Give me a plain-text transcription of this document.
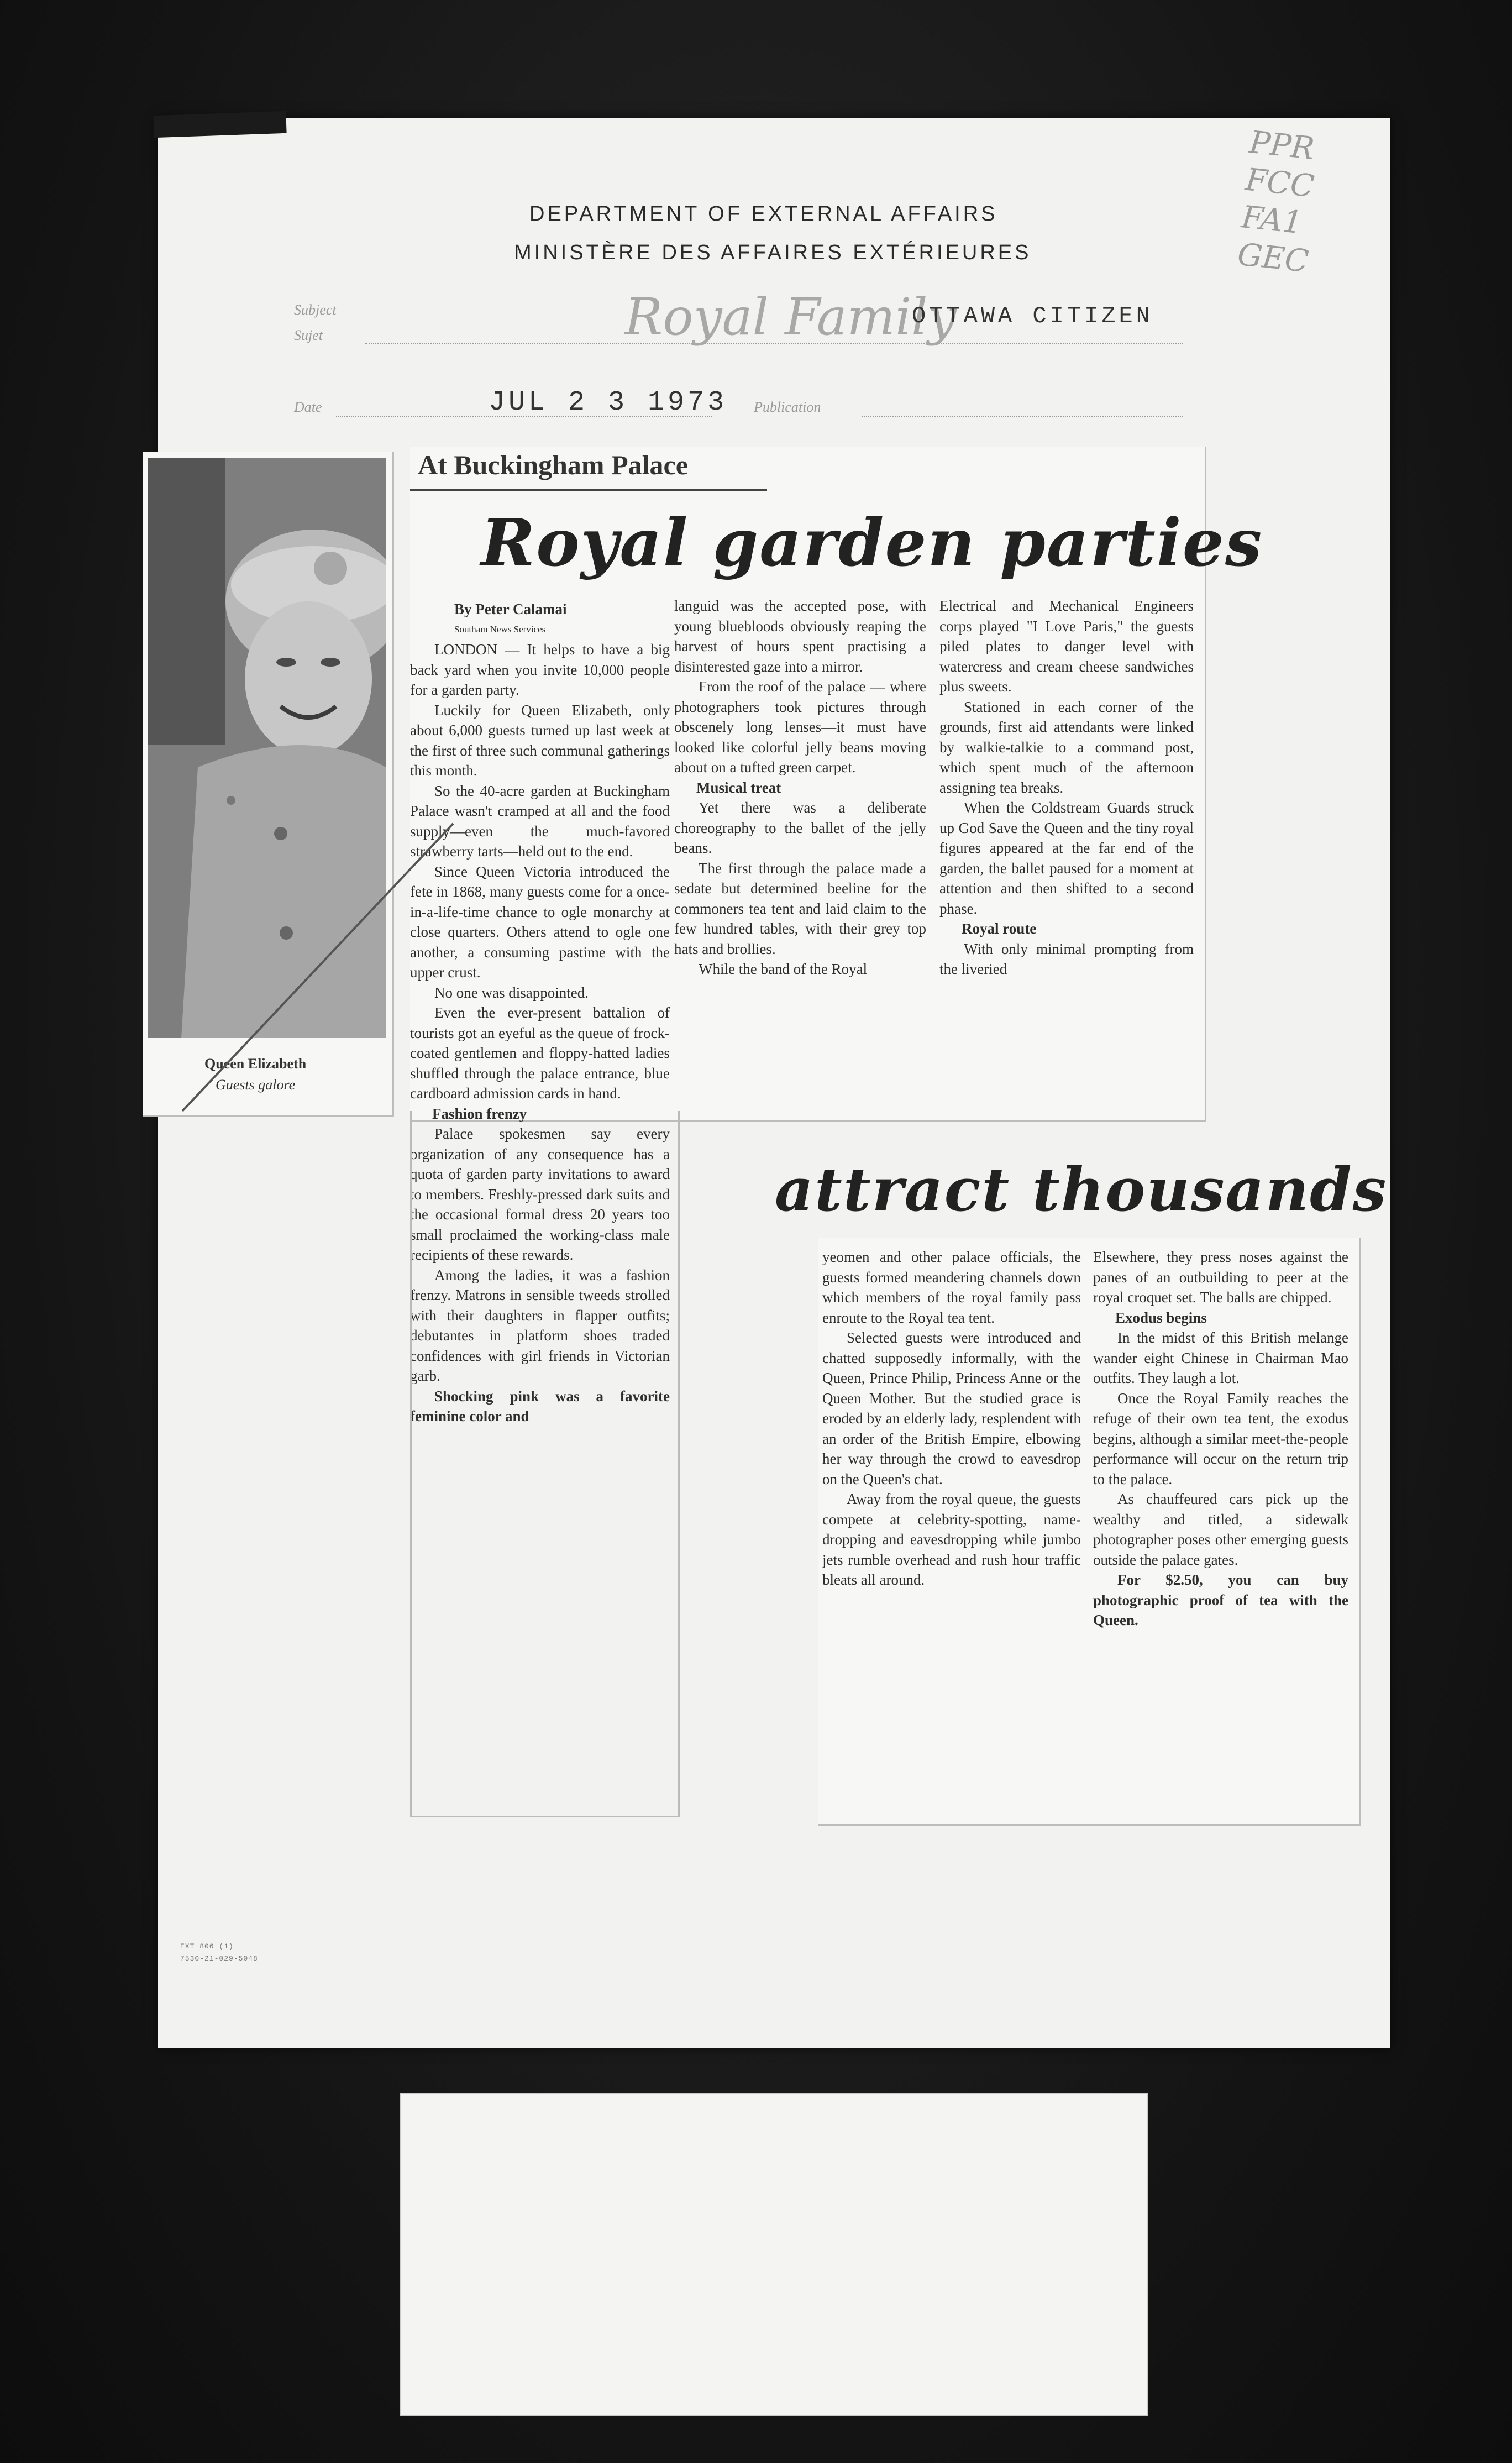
DEPARTMENT OF EXTERNAL AFFAIRS
MINISTÈRE DES AFFAIRES EXTÉRIEURES
Subject
Sujet	Royal Family
OTTAWA CITIZEN
Date	JUL 2 3 1973 Publication
PPR
FCC
FA1
GEC
Queen Elizabeth
Guests galore
At Buckingham Palace
Royal garden parties

By Peter Calamai

Southam News Services

LONDON — It helps to have a big back yard when you invite 10,000 people for a garden party.

Luckily for Queen Elizabeth, only about 6,000 guests turned up last week at the first of three such communal gatherings this month.

So the 40-acre garden at Buckingham Palace wasn't cramped at all and the food supply—even the much-favored strawberry tarts—held out to the end.

Since Queen Victoria introduced the fete in 1868, many guests come for a once-in-a-life-time chance to ogle monarchy at close quarters. Others attend to ogle one another, a consuming pastime with the upper crust.

No one was disappointed.

Even the ever-present battalion of tourists got an eyeful as the queue of frock-coated gentlemen and floppy-hatted ladies shuffled through the palace entrance, blue cardboard admission cards in hand.

Fashion frenzy

Palace spokesmen say every organization of any consequence has a quota of garden party invitations to award to members. Freshly-pressed dark suits and the occasional formal dress 20 years too small proclaimed the working-class male recipients of these rewards.

Among the ladies, it was a fashion frenzy. Matrons in sensible tweeds strolled with their daughters in flapper outfits; debutantes in platform shoes traded confidences with girl friends in Victorian garb.

Shocking pink was a favorite feminine color and

languid was the accepted pose, with young bluebloods obviously reaping the harvest of hours spent practising a disinterested gaze into a mirror.

From the roof of the palace — where photographers took pictures through obscenely long lenses—it must have looked like colorful jelly beans moving about on a tufted green carpet.

Musical treat

Yet there was a deliberate choreography to the ballet of the jelly beans.

The first through the palace made a sedate but determined beeline for the commoners tea tent and laid claim to the few hundred tables, with their grey top hats and brollies.

While the band of the Royal

Electrical and Mechanical Engineers corps played "I Love Paris," the guests piled plates to danger level with watercress and cream cheese sandwiches plus sweets.

Stationed in each corner of the grounds, first aid attendants were linked by walkie-talkie to a command post, which spent much of the afternoon assigning tea breaks.

When the Coldstream Guards struck up God Save the Queen and the tiny royal figures appeared at the far end of the garden, the ballet paused for a moment at attention and then shifted to a second phase.

Royal route

With only minimal prompting from the liveried

attract thousands

yeomen and other palace officials, the guests formed meandering channels down which members of the royal family pass enroute to the Royal tea tent.

Selected guests were introduced and chatted supposedly informally, with the Queen, Prince Philip, Princess Anne or the Queen Mother. But the studied grace is eroded by an elderly lady, resplendent with an order of the British Empire, elbowing her way through the crowd to eavesdrop on the Queen's chat.

Away from the royal queue, the guests compete at celebrity-spotting, name-dropping and eavesdropping while jumbo jets rumble overhead and rush hour traffic bleats all around.

Elsewhere, they press noses against the panes of an outbuilding to peer at the royal croquet set. The balls are chipped.

Exodus begins

In the midst of this British melange wander eight Chinese in Chairman Mao outfits. They laugh a lot.

Once the Royal Family reaches the refuge of their own tea tent, the exodus begins, although a similar meet-the-people performance will occur on the return trip to the palace.

As chauffeured cars pick up the wealthy and titled, a sidewalk photographer poses other emerging guests outside the palace gates.

For $2.50, you can buy photographic proof of tea with the Queen.

EXT 806 (1)
7530-21-029-5048
